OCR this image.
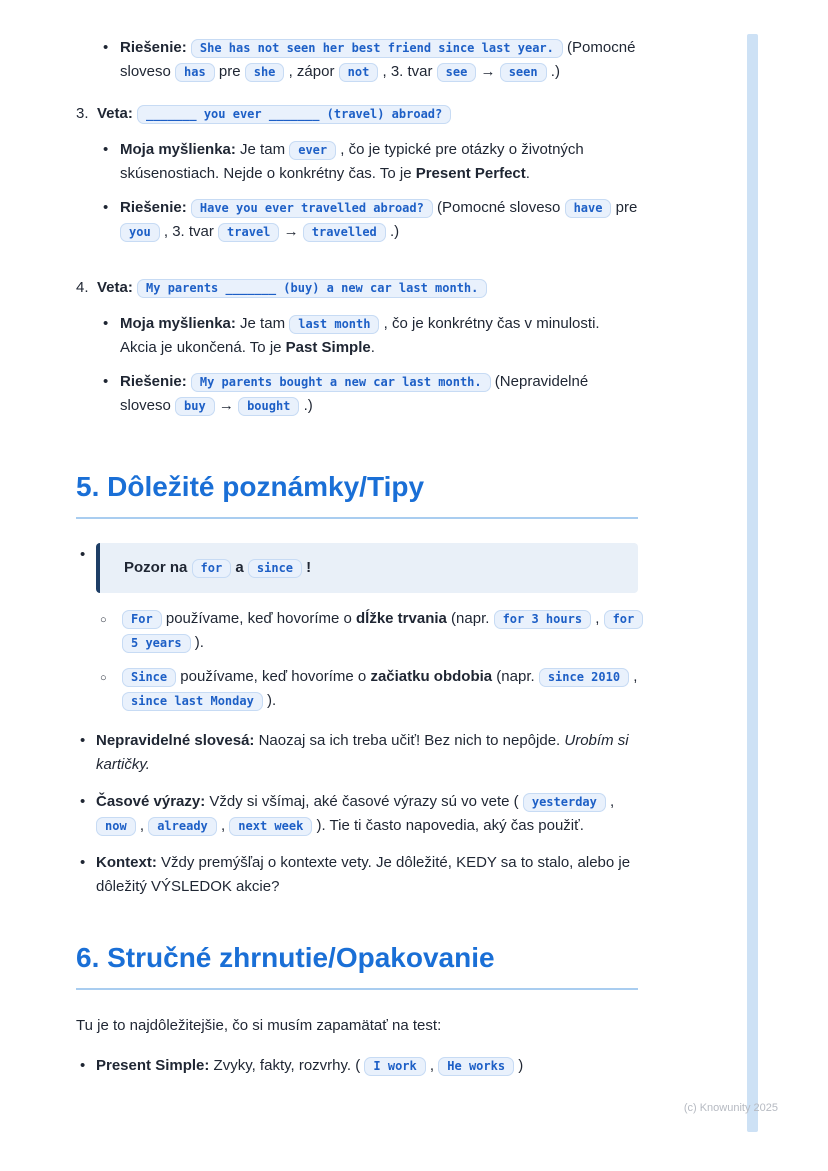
•
Riešenie: She has not seen her best friend since last year. (Pomocné sloveso has pre she , zápor not , 3. tvar see → seen .)
3. Veta: _______ you ever _______ (travel) abroad?
•
Moja myšlienka: Je tam ever , čo je typické pre otázky o životných skúsenostiach. Nejde o konkrétny čas. To je Present Perfect.
•
Riešenie: Have you ever travelled abroad? (Pomocné sloveso have pre you , 3. tvar travel → travelled .)
4. Veta: My parents _______ (buy) a new car last month.
•
Moja myšlienka: Je tam last month , čo je konkrétny čas v minulosti. Akcia je ukončená. To je Past Simple.
•
Riešenie: My parents bought a new car last month. (Nepravidelné sloveso buy → bought .)
5. Dôležité poznámky/Tipy
•
Pozor na for a since !
○
For používame, keď hovoríme o dĺžke trvania (napr. for 3 hours , for 5 years ).
○
Since používame, keď hovoríme o začiatku obdobia (napr. since 2010 , since last Monday ).
•
Nepravidelné slovesá: Naozaj sa ich treba učiť! Bez nich to nepôjde. Urobím si kartičky.
•
Časové výrazy: Vždy si všímaj, aké časové výrazy sú vo vete ( yesterday , now , already , next week ). Tie ti často napovedia, aký čas použiť.
•
Kontext: Vždy premýšľaj o kontexte vety. Je dôležité, KEDY sa to stalo, alebo je dôležitý VÝSLEDOK akcie?
6. Stručné zhrnutie/Opakovanie

Tu je to najdôležitejšie, čo si musím zapamätať na test:

•
Present Simple: Zvyky, fakty, rozvrhy. ( I work , He works )
(c) Knowunity 2025
